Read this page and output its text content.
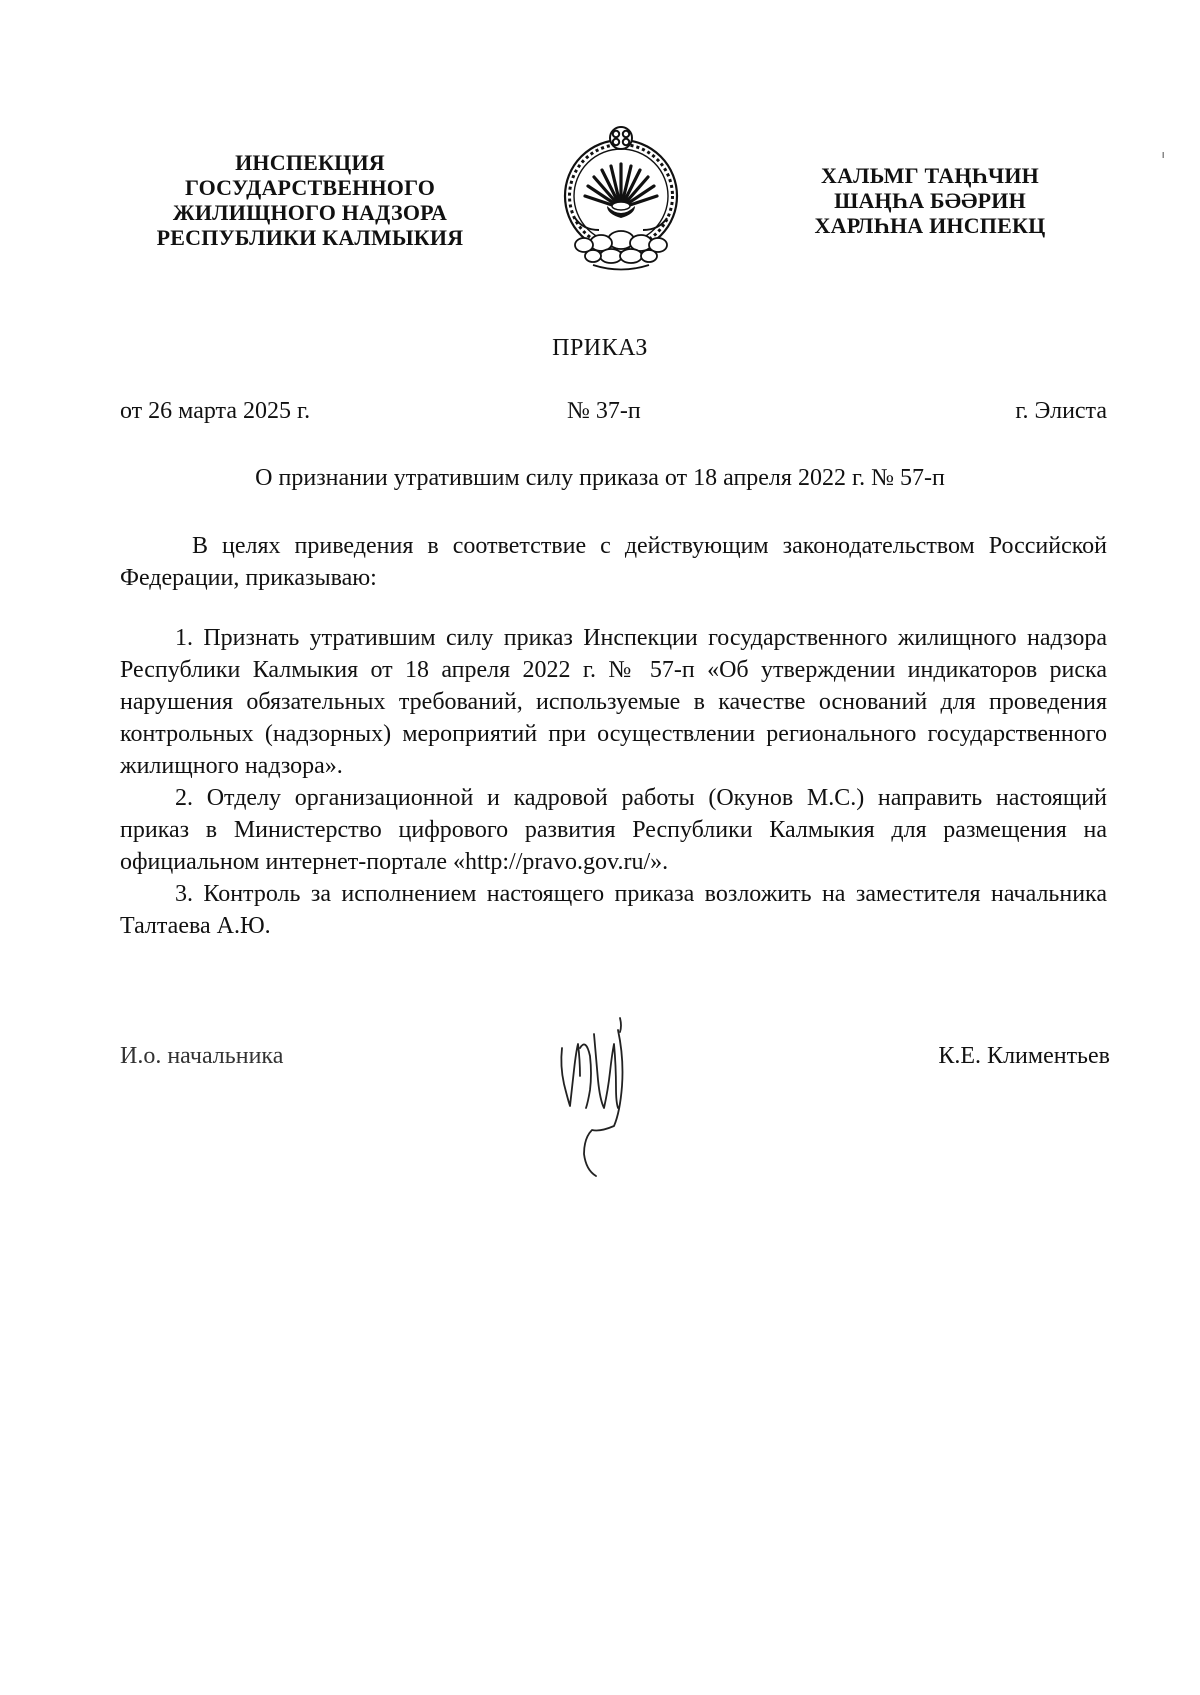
ИНСПЕКЦИЯ
ГОСУДАРСТВЕННОГО
ЖИЛИЩНОГО НАДЗОРА
РЕСПУБЛИКИ КАЛМЫКИЯ
ХАЛЬМГ ТАҢҺЧИН
ШАҢҺА БӘӘРИН
ХАРЛҺНА ИНСПЕКЦ
ПРИКАЗ
от 26 марта 2025 г.	№ 37-п	г. Элиста
О признании утратившим силу приказа от 18 апреля 2022 г. № 57-п

В целях приведения в соответствие с действующим законодательством Российской Федерации, приказываю:

1. Признать утратившим силу приказ Инспекции государственного жилищного надзора Республики Калмыкия от 18 апреля 2022 г. № 57-п «Об утверждении индикаторов риска нарушения обязательных требований, используемые в качестве оснований для проведения контрольных (надзорных) мероприятий при осуществлении регионального государственного жилищного надзора».

2. Отделу организационной и кадровой работы (Окунов М.С.) направить настоящий приказ в Министерство цифрового развития Республики Калмыкия для размещения на официальном интернет-портале «http://pravo.gov.ru/».

3. Контроль за исполнением настоящего приказа возложить на заместителя начальника Талтаева А.Ю.

И.о. начальника	К.Е. Климентьев
